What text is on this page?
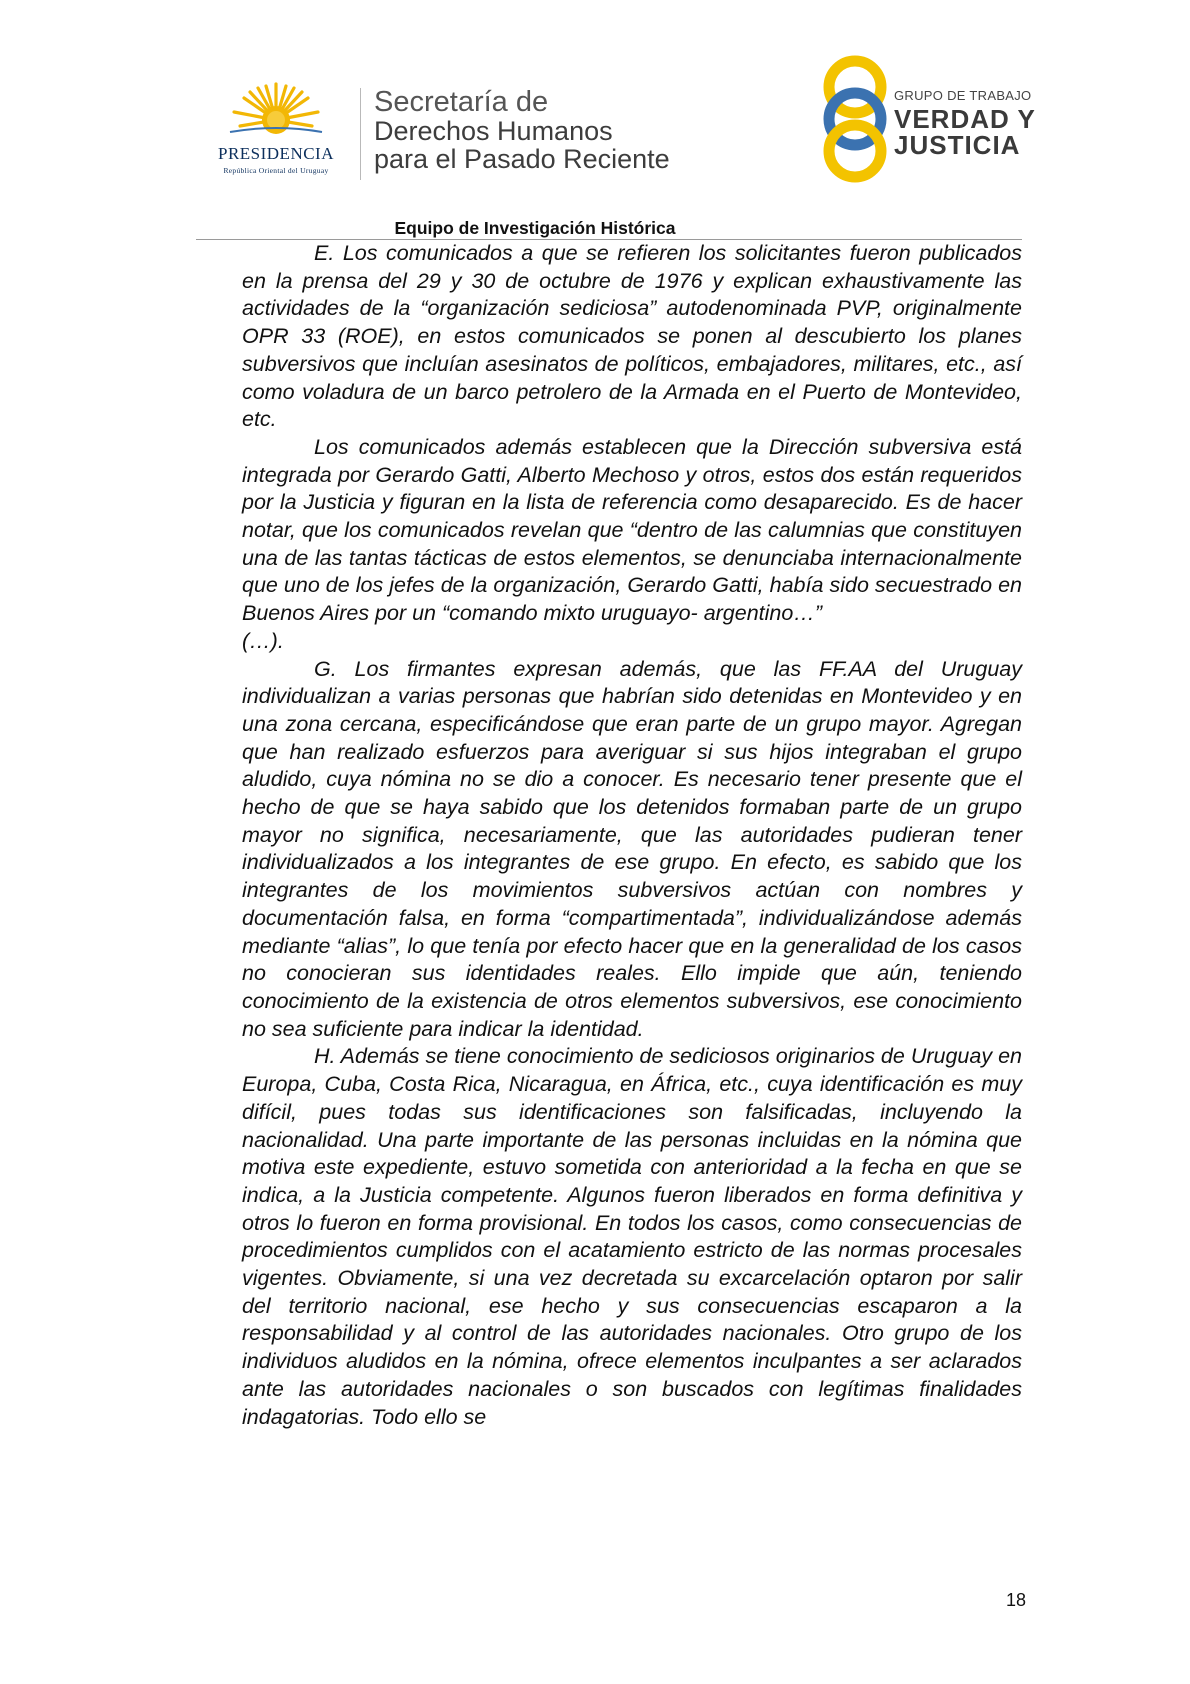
PRESIDENCIA
República Oriental del Uruguay
Secretaría de
Derechos Humanos
para el Pasado Reciente
GRUPO DE TRABAJO
VERDAD Y
JUSTICIA
Equipo de Investigación Histórica

E. Los comunicados a que se refieren los solicitantes fueron publicados en la prensa del 29 y 30 de octubre de 1976 y explican exhaustivamente las actividades de la “organización sediciosa” autodenominada PVP, originalmente OPR 33 (ROE), en estos comunicados se ponen al descubierto los planes subversivos que incluían asesinatos de políticos, embajadores, militares, etc., así como voladura de un barco petrolero de la Armada en el Puerto de Montevideo, etc.

Los comunicados además establecen que la Dirección subversiva está integrada por Gerardo Gatti, Alberto Mechoso y otros, estos dos están requeridos por la Justicia y figuran en la lista de referencia como desaparecido. Es de hacer notar, que los comunicados revelan que “dentro de las calumnias que constituyen una de las tantas tácticas de estos elementos, se denunciaba internacionalmente que uno de los jefes de la organización, Gerardo Gatti, había sido secuestrado en Buenos Aires por un “comando mixto uruguayo- argentino…”

(…).

G. Los firmantes expresan además, que las FF.AA del Uruguay individualizan a varias personas que habrían sido detenidas en Montevideo y en una zona cercana, especificándose que eran parte de un grupo mayor. Agregan que han realizado esfuerzos para averiguar si sus hijos integraban el grupo aludido, cuya nómina no se dio a conocer. Es necesario tener presente que el hecho de que se haya sabido que los detenidos formaban parte de un grupo mayor no significa, necesariamente, que las autoridades pudieran tener individualizados a los integrantes de ese grupo. En efecto, es sabido que los integrantes de los movimientos subversivos actúan con nombres y documentación falsa, en forma “compartimentada”, individualizándose además mediante “alias”, lo que tenía por efecto hacer que en la generalidad de los casos no conocieran sus identidades reales. Ello impide que aún, teniendo conocimiento de la existencia de otros elementos subversivos, ese conocimiento no sea suficiente para indicar la identidad.

H. Además se tiene conocimiento de sediciosos originarios de Uruguay en Europa, Cuba, Costa Rica, Nicaragua, en África, etc., cuya identificación es muy difícil, pues todas sus identificaciones son falsificadas, incluyendo la nacionalidad. Una parte importante de las personas incluidas en la nómina que motiva este expediente, estuvo sometida con anterioridad a la fecha en que se indica, a la Justicia competente. Algunos fueron liberados en forma definitiva y otros lo fueron en forma provisional. En todos los casos, como consecuencias de procedimientos cumplidos con el acatamiento estricto de las normas procesales vigentes. Obviamente, si una vez decretada su excarcelación optaron por salir del territorio nacional, ese hecho y sus consecuencias escaparon a la responsabilidad y al control de las autoridades nacionales. Otro grupo de los individuos aludidos en la nómina, ofrece elementos inculpantes a ser aclarados ante las autoridades nacionales o son buscados con legítimas finalidades indagatorias. Todo ello se

18
